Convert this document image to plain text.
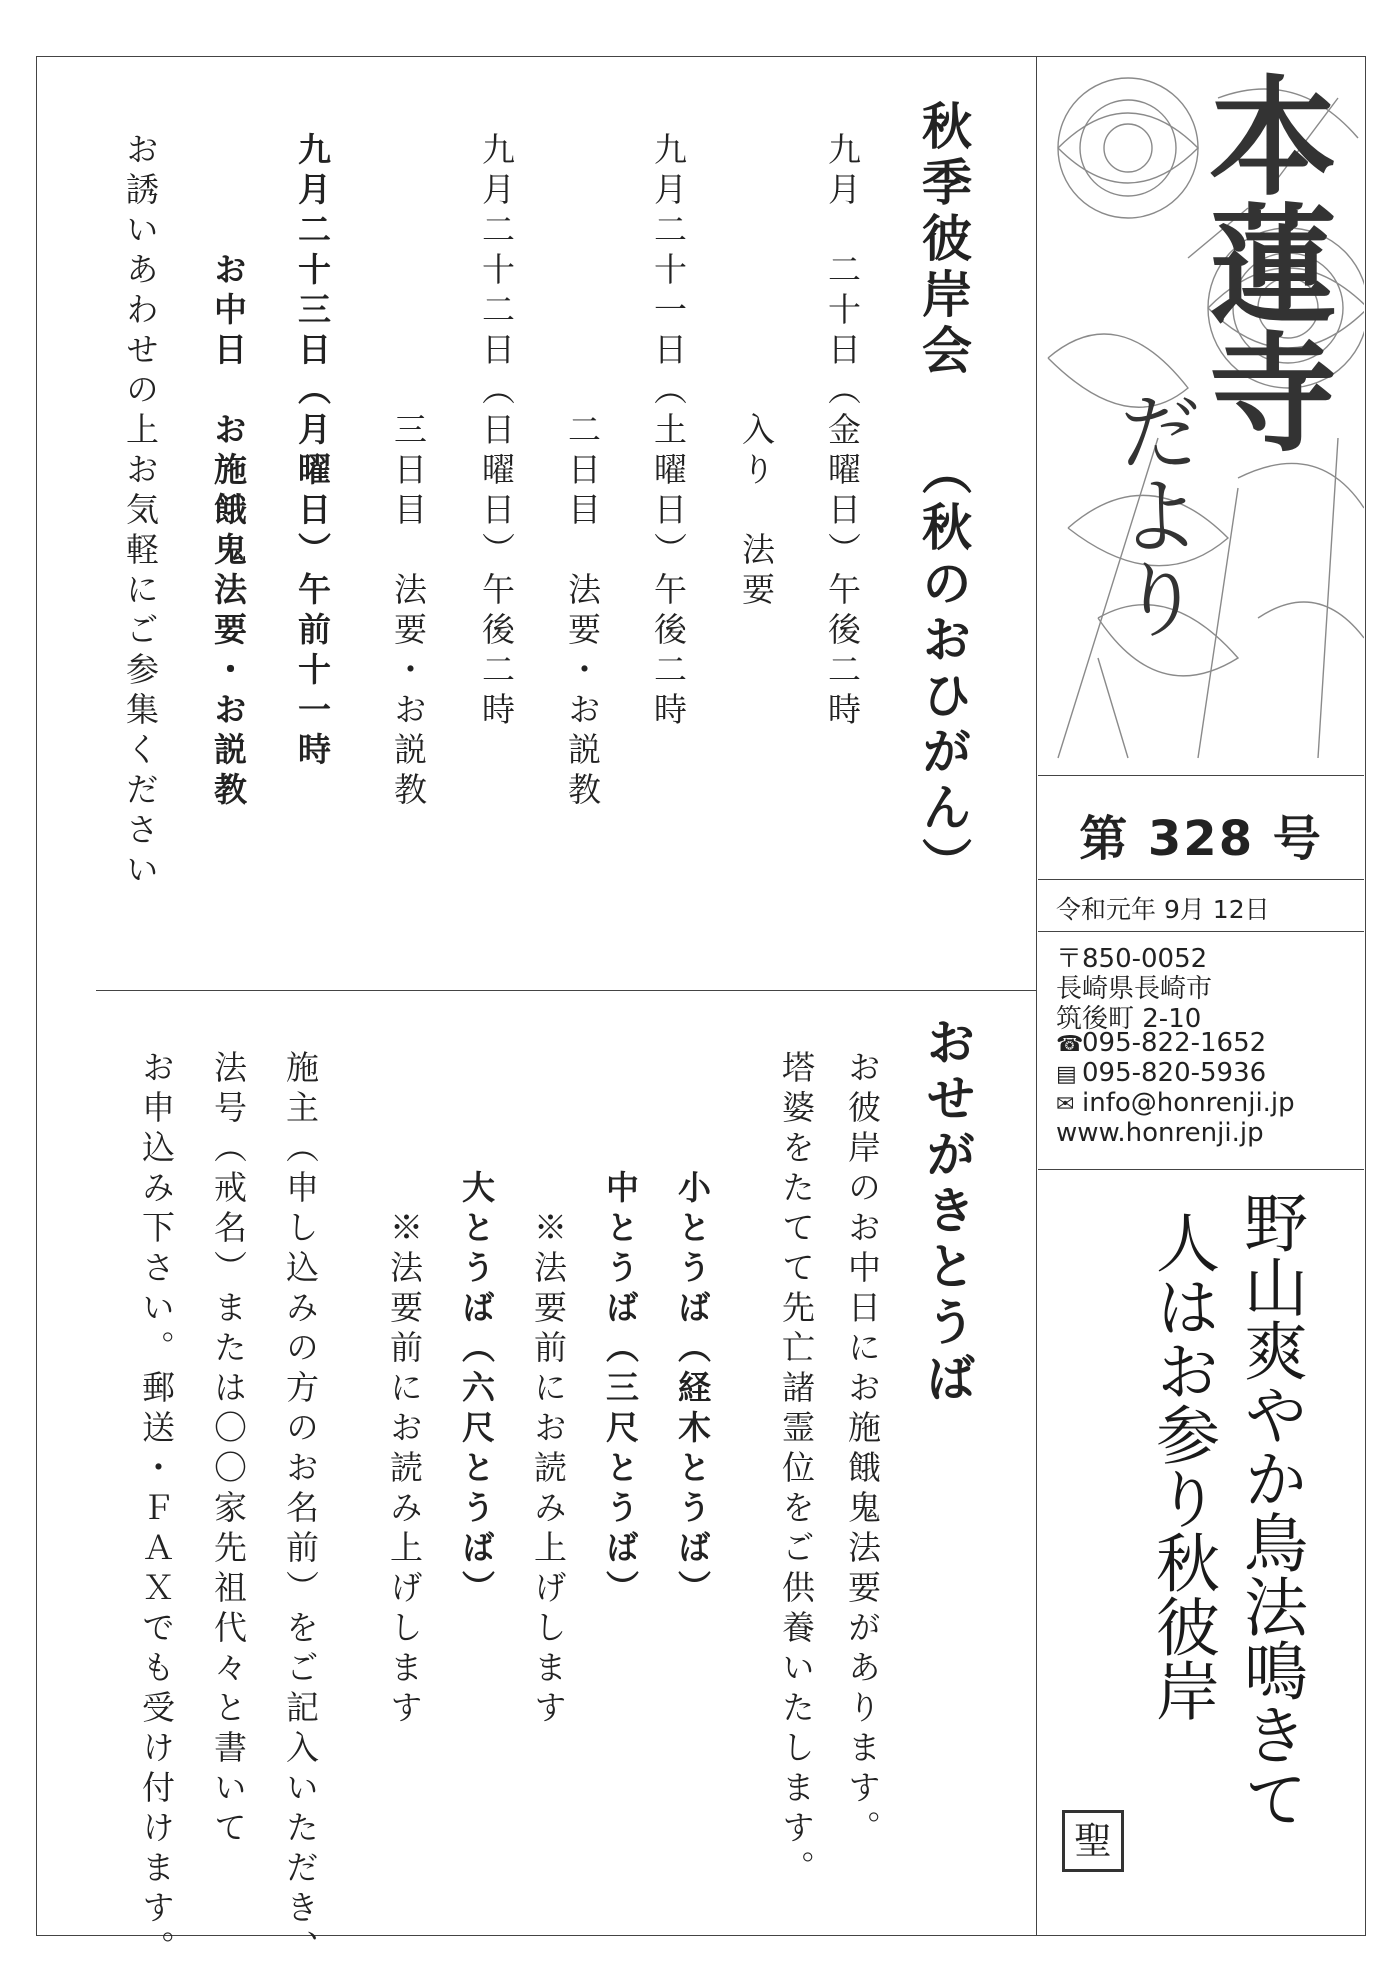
本蓮寺
だより
第 328 号
令和元年 9月 12日
〒850-0052
長崎県長崎市
筑後町 2-10
☎095-822-1652
▤ 095-820-5936
✉ info@honrenji.jp
www.honrenji.jp
野山爽やか鳥法鳴きて
人はお参り秋彼岸
聖
秋季彼岸会 （秋のおひがん）
九月　二十日（金曜日）午後二時
　　　　　　　入り　法要
九月二十一日（土曜日）午後二時
　　　　　　　二日目　法要・お説教
九月二十二日（日曜日）午後二時
　　　　　　　三日目　法要・お説教
九月二十三日（月曜日）午前十一時
　　　お中日　お施餓鬼法要・お説教
お誘いあわせの上お気軽にご参集ください
おせがきとうば
お彼岸のお中日にお施餓鬼法要があります。
塔婆をたてて先亡諸霊位をご供養いたします。
　　　小とうば（経木とうば）
　　　中とうば（三尺とうば）
　　　　※法要前にお読み上げします
　　　大とうば（六尺とうば）
　　　　※法要前にお読み上げします
施主（申し込みの方のお名前）をご記入いただき、
法号（戒名）または〇〇家先祖代々と書いて
お申込み下さい。郵送・ＦＡＸでも受け付けます。
